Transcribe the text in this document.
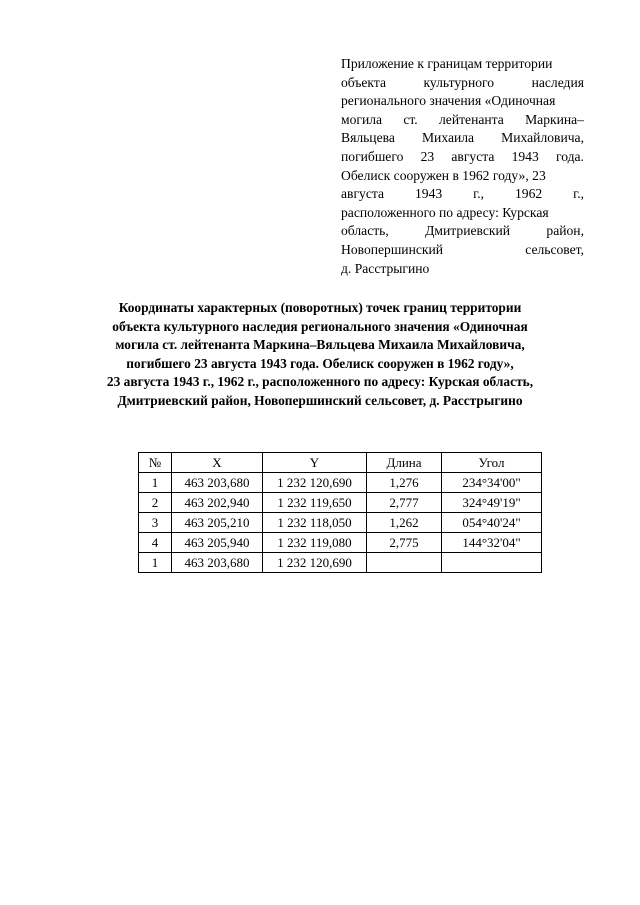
Приложение к границам территории
объекта	культурного	наследия
регионального значения «Одиночная
могила ст. лейтенанта Маркина–
Вяльцева Михаила Михайловича,
погибшего 23 августа 1943 года.
Обелиск сооружен в 1962 году», 23
августа 1943 г., 1962 г.,
расположенного по адресу: Курская
область,	Дмитриевский	район,
Новопершинский	сельсовет,
д. Расстрыгино
Координаты характерных (поворотных) точек границ территории
объекта культурного наследия регионального значения «Одиночная
могила ст. лейтенанта Маркина–Вяльцева Михаила Михайловича,
погибшего 23 августа 1943 года. Обелиск сооружен в 1962 году»,
23 августа 1943 г., 1962 г., расположенного по адресу: Курская область,
Дмитриевский район, Новопершинский сельсовет, д. Расстрыгино
№	X	Y	Длина	Угол
1	463 203,680	1 232 120,690	1,276	234°34'00"
2	463 202,940	1 232 119,650	2,777	324°49'19"
3	463 205,210	1 232 118,050	1,262	054°40'24"
4	463 205,940	1 232 119,080	2,775	144°32'04"
1	463 203,680	1 232 120,690		
